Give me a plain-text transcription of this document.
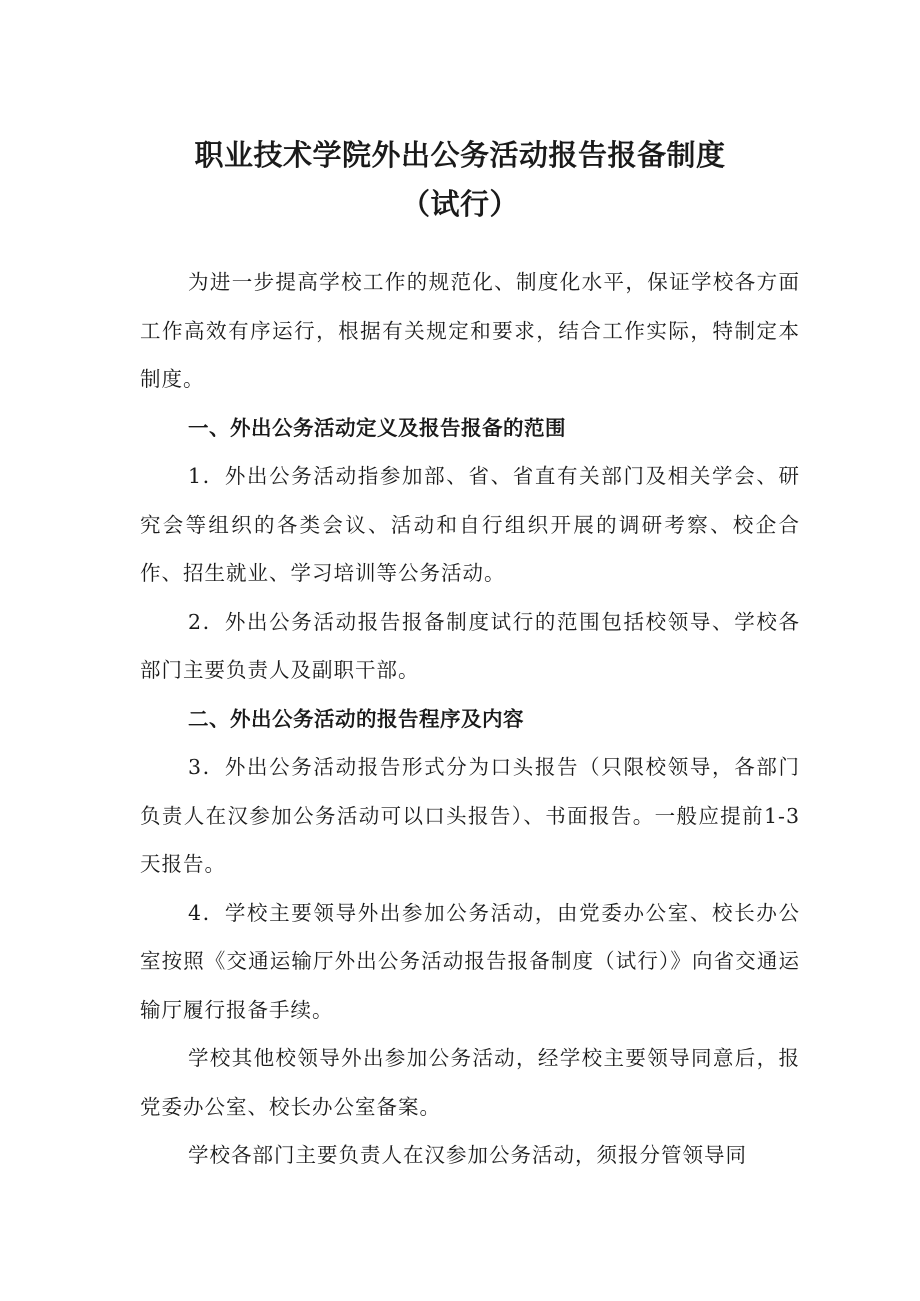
职业技术学院外出公务活动报告报备制度
（试行）

为进一步提高学校工作的规范化、制度化水平，保证学校各方面工作高效有序运行，根据有关规定和要求，结合工作实际，特制定本制度。

一、外出公务活动定义及报告报备的范围

1．外出公务活动指参加部、省、省直有关部门及相关学会、研究会等组织的各类会议、活动和自行组织开展的调研考察、校企合作、招生就业、学习培训等公务活动。

2．外出公务活动报告报备制度试行的范围包括校领导、学校各部门主要负责人及副职干部。

二、外出公务活动的报告程序及内容

3．外出公务活动报告形式分为口头报告（只限校领导，各部门负责人在汉参加公务活动可以口头报告）、书面报告。一般应提前1-3天报告。

4．学校主要领导外出参加公务活动，由党委办公室、校长办公室按照《交通运输厅外出公务活动报告报备制度（试行）》向省交通运输厅履行报备手续。

学校其他校领导外出参加公务活动，经学校主要领导同意后，报党委办公室、校长办公室备案。

学校各部门主要负责人在汉参加公务活动，须报分管领导同
